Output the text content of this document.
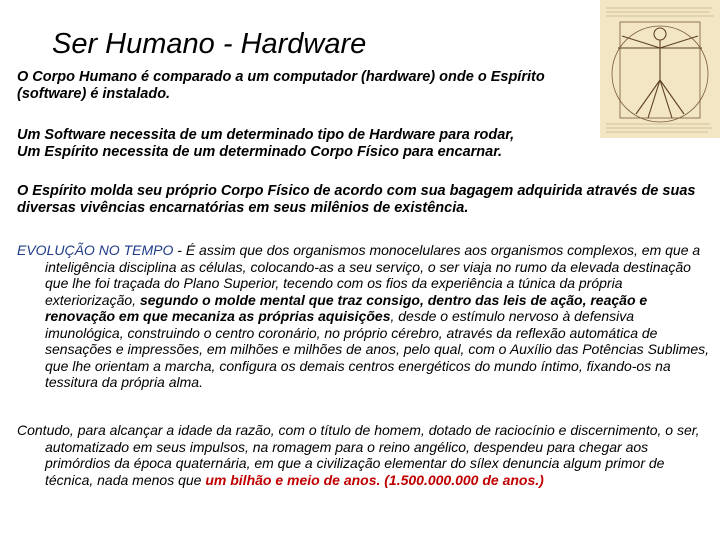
Ser Humano - Hardware

O Corpo Humano é comparado a um computador (hardware) onde o Espírito (software) é instalado.

Um Software necessita de um determinado tipo de Hardware para rodar,
Um Espírito necessita de um determinado Corpo Físico para encarnar.

O Espírito molda seu próprio Corpo Físico de acordo com sua bagagem adquirida através de suas diversas vivências encarnatórias em seus milênios de existência.

EVOLUÇÃO NO TEMPO - É assim que dos organismos monocelulares aos organismos complexos, em que a inteligência disciplina as células, colocando-as a seu serviço, o ser viaja no rumo da elevada destinação que lhe foi traçada do Plano Superior, tecendo com os fios da experiência a túnica da própria exteriorização, segundo o molde mental que traz consigo, dentro das leis de ação, reação e renovação em que mecaniza as próprias aquisições, desde o estímulo nervoso à defensiva imunológica, construindo o centro coronário, no próprio cérebro, através da reflexão automática de sensações e impressões, em milhões e milhões de anos, pelo qual, com o Auxílio das Potências Sublimes, que lhe orientam a marcha, configura os demais centros energéticos do mundo íntimo, fixando-os na tessitura da própria alma.

Contudo, para alcançar a idade da razão, com o título de homem, dotado de raciocínio e discernimento, o ser, automatizado em seus impulsos, na romagem para o reino angélico, despendeu para chegar aos primórdios da época quaternária, em que a civilização elementar do sílex denuncia algum primor de técnica, nada menos que um bilhão e meio de anos. (1.500.000.000 de anos.)
